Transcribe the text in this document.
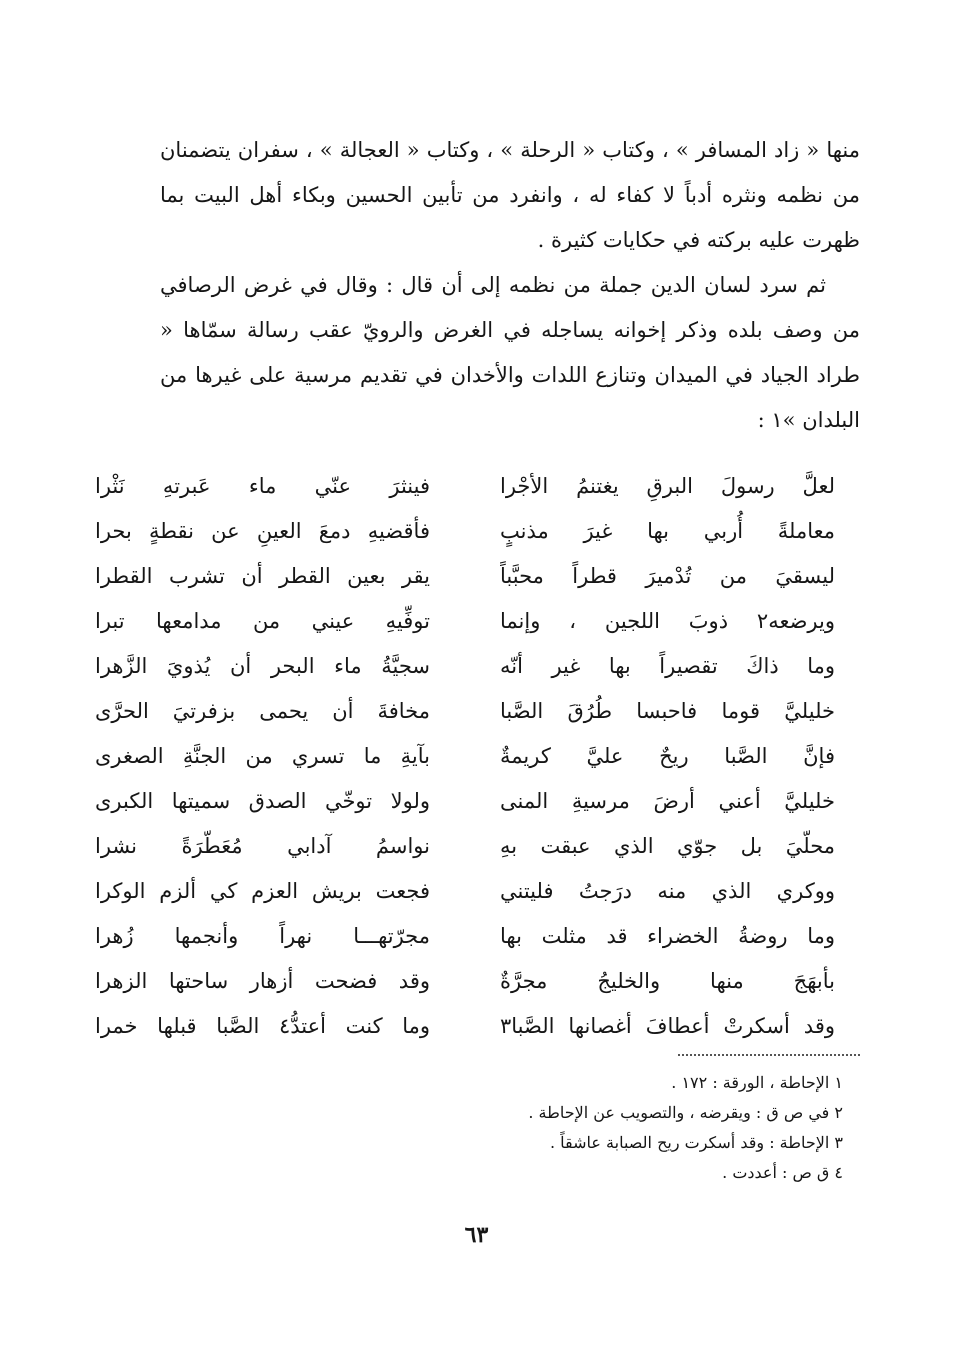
منها « زاد المسافر » ، وكتاب « الرحلة » ، وكتاب « العجالة » ، سفران يتضمنان من نظمه ونثره أدباً لا كفاء له ، وانفرد من تأبين الحسين وبكاء أهل البيت بما ظهرت عليه بركته في حكايات كثيرة .

ثم سرد لسان الدين جملة من نظمه إلى أن قال : وقال في غرض الرصافي من وصف بلده وذكر إخوانه يساجله في الغرض والرويّ عقب رسالة سمّاها « طراد الجياد في الميدان وتنازع اللدات والأخدان في تقديم مرسية على غيرها من البلدان »١ :

لعلَّ رسولَ البرقِ يغتنمُ الأجْرا
فينثرَ عنّي ماء عَبرتهِ نَثْرا
معاملةً أُربي بها غيرَ مذنبٍ
فأقضيهِ دمعَ العينِ عن نقطةٍ بحرا
ليسقيَ من تُدْميرَ قطراً محبَّباً
يقر بعين القطر أن تشرب القطرا
ويرضعه٢ ذوبَ اللجين ، وإنما
توفِّيهِ عيني من مدامعها تبرا
وما ذاكَ تقصيراً بها غير أنّه
سجيَّةُ ماء البحر أن يُذويَ الزَّهرا
خليليَّ قوما فاحبسا طُرُقَ الصَّبا
مخافةَ أن يحمى بزفرتيَ الحرَّى
فإنَّ الصَّبا ريحٌ عليَّ كريمةٌ
بآيةِ ما تسري من الجنَّةِ الصغرى
خليليَّ أعني أرضَ مرسيةِ المنى
ولولا توخّي الصدق سميتها الكبرى
محلّيَ بل جوّي الذي عبقت بهِ
نواسمُ آدابي مُعَطّرَةً نشرا
ووكري الذي منه درَجتُ فليتني
فجعت بريش العزم كي ألزم الوكرا
وما روضةُ الخضراء قد مثلت بها
مجرّتهـــا نهراً وأنجمها زُهرا
بأبهَجَ منها والخليجُ مجرَّةٌ
وقد فضحت أزهار ساحتها الزهرا
وقد أسكرتْ أعطافَ أغصانها الصَّبا٣
وما كنت أعتدُّ٤ الصَّبا قبلها خمرا
١ الإحاطة ، الورقة : ١٧٢ .
٢ في ص ق : ويقرضه ، والتصويب عن الإحاطة .
٣ الإحاطة : وقد أسكرت ريح الصبابة عاشقاً .
٤ ق ص : أعددت .
٦٣
